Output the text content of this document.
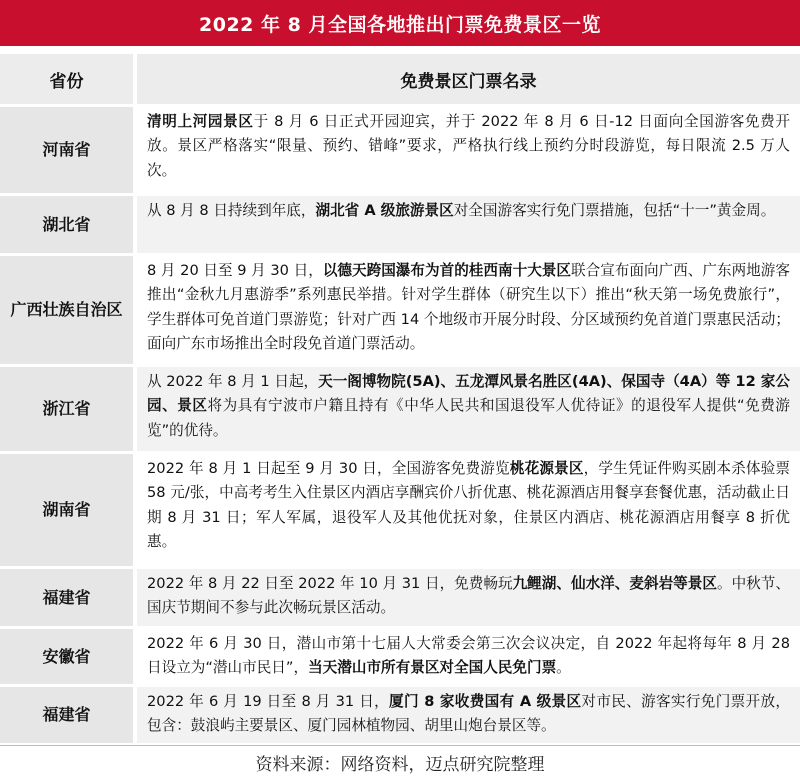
2022 年 8 月全国各地推出门票免费景区一览
省份	免费景区门票名录
河南省
清明上河园景区于 8 月 6 日正式开园迎宾，并于 2022 年 8 月 6 日-12 日面向全国游客免费开放。景区严格落实“限量、预约、错峰”要求，严格执行线上预约分时段游览，每日限流 2.5 万人次。
湖北省
从 8 月 8 日持续到年底，湖北省 A 级旅游景区对全国游客实行免门票措施，包括“十一”黄金周。
广西壮族自治区
8 月 20 日至 9 月 30 日，以德天跨国瀑布为首的桂西南十大景区联合宣布面向广西、广东两地游客推出“金秋九月惠游季”系列惠民举措。针对学生群体（研究生以下）推出“秋天第一场免费旅行”，学生群体可免首道门票游览；针对广西 14 个地级市开展分时段、分区域预约免首道门票惠民活动；面向广东市场推出全时段免首道门票活动。
浙江省
从 2022 年 8 月 1 日起，天一阁博物院(5A)、五龙潭风景名胜区(4A)、保国寺（4A）等 12 家公园、景区将为具有宁波市户籍且持有《中华人民共和国退役军人优待证》的退役军人提供“免费游览”的优待。
湖南省
2022 年 8 月 1 日起至 9 月 30 日，全国游客免费游览桃花源景区，学生凭证件购买剧本杀体验票 58 元/张，中高考考生入住景区内酒店享酬宾价八折优惠、桃花源酒店用餐享套餐优惠，活动截止日期 8 月 31 日；军人军属，退役军人及其他优抚对象，住景区内酒店、桃花源酒店用餐享 8 折优惠。
福建省
2022 年 8 月 22 日至 2022 年 10 月 31 日，免费畅玩九鲤湖、仙水洋、麦斜岩等景区。中秋节、国庆节期间不参与此次畅玩景区活动。
安徽省
2022 年 6 月 30 日，潜山市第十七届人大常委会第三次会议决定，自 2022 年起将每年 8 月 28 日设立为“潜山市民日”，当天潜山市所有景区对全国人民免门票。
福建省
2022 年 6 月 19 日至 8 月 31 日，厦门 8 家收费国有 A 级景区对市民、游客实行免门票开放，包含：鼓浪屿主要景区、厦门园林植物园、胡里山炮台景区等。
资料来源：网络资料，迈点研究院整理
